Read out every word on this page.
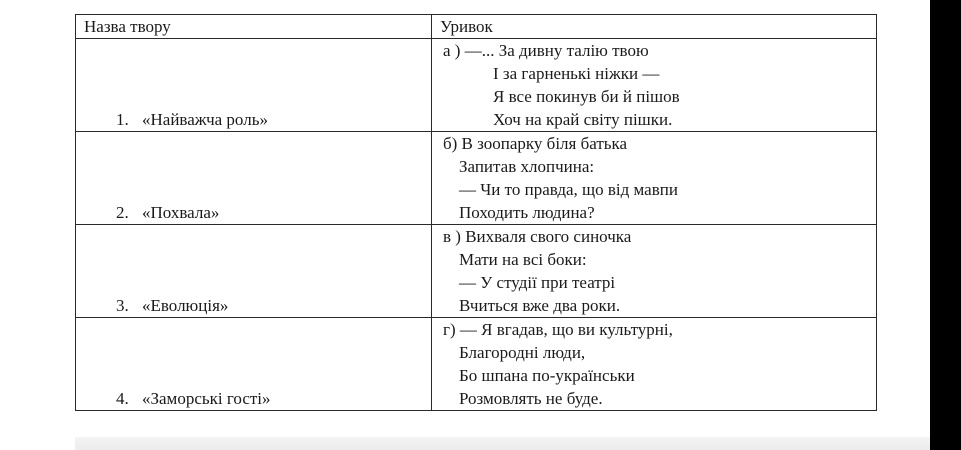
Назва твору	Уривок
1. «Найважча роль»	а ) —... За дивну талію твою
І за гарненькі ніжки —
Я все покинув би й пішов
Хоч на край світу пішки.

2. «Похвала»	б) В зоопарку біля батька
Запитав хлопчина:
— Чи то правда, що від мавпи
Походить людина?

3. «Еволюція»	в ) Вихваля свого синочка
Мати на всі боки:
— У студії при театрі
Вчиться вже два роки.

4. «Заморські гості»	г) — Я вгадав, що ви культурні,
Благородні люди,
Бо шпана по-українськи
Розмовлять не буде.
